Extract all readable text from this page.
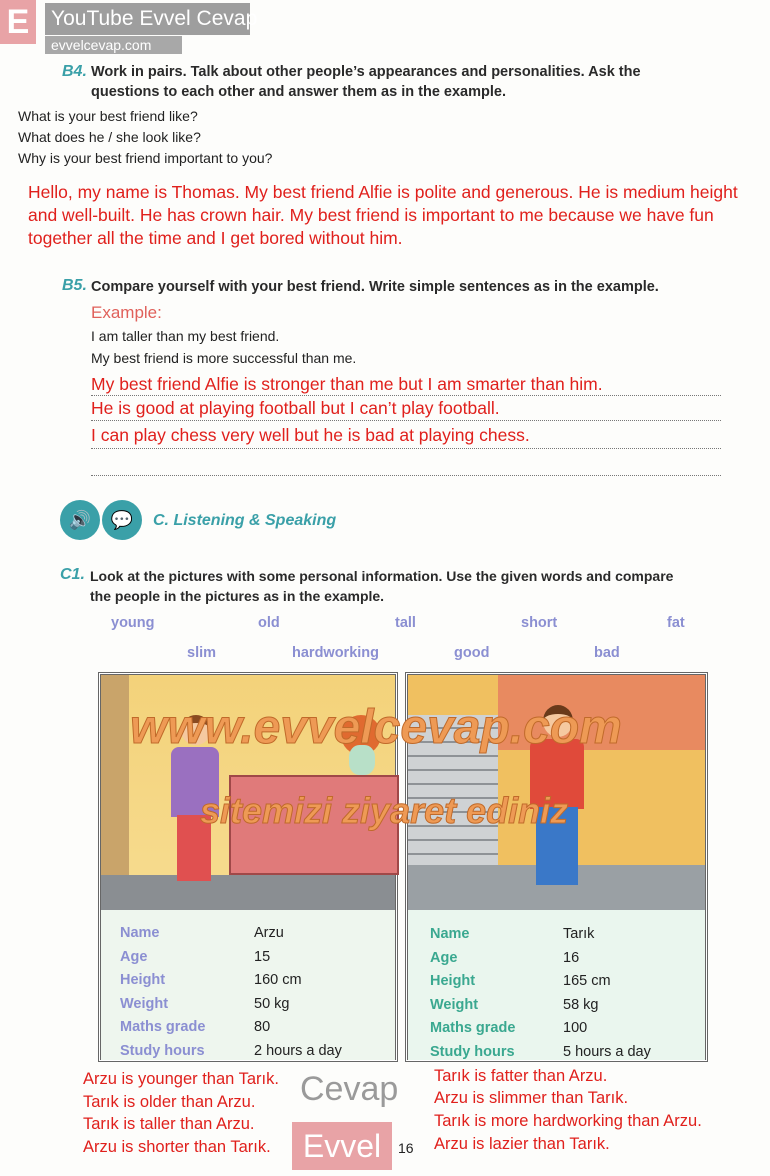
E	YouTube Evvel Cevap
evvelcevap.com
B4. Work in pairs. Talk about other people’s appearances and personalities. Ask the
questions to each other and answer them as in the example.
What is your best friend like?
What does he / she look like?
Why is your best friend important to you?
Hello, my name is Thomas. My best friend Alfie is polite and generous. He is medium height
and well-built. He has crown hair. My best friend is important to me because we have fun
together all the time and I get bored without him.
B5. Compare yourself with your best friend. Write simple sentences as in the example.
Example:
I am taller than my best friend.
My best friend is more successful than me.
My best friend Alfie is stronger than me but I am smarter than him.
He is good at playing football but I can’t play football.
I can play chess very well but he is bad at playing chess.
🔊	💬	C. Listening & Speaking
C1. Look at the pictures with some personal information. Use the given words and compare
the people in the pictures as in the example.
young	old	tall	short	fat
slim	hardworking	good	bad
www.evvelcevap.com
sitemizi ziyaret ediniz
Name	Arzu
Age	15
Height	160 cm
Weight	50 kg
Maths grade	80
Study hours	2 hours a day
Name	Tarık
Age	16
Height	165 cm
Weight	58 kg
Maths grade	100
Study hours	5 hours a day
Arzu is younger than Tarık.
Tarık is older than Arzu.
Tarık is taller than Arzu.
Arzu is shorter than Tarık.
Tarık is fatter than Arzu.
Arzu is slimmer than Tarık.
Tarık is more hardworking than Arzu.
Arzu is lazier than Tarık.
Cevap
Evvel	16
